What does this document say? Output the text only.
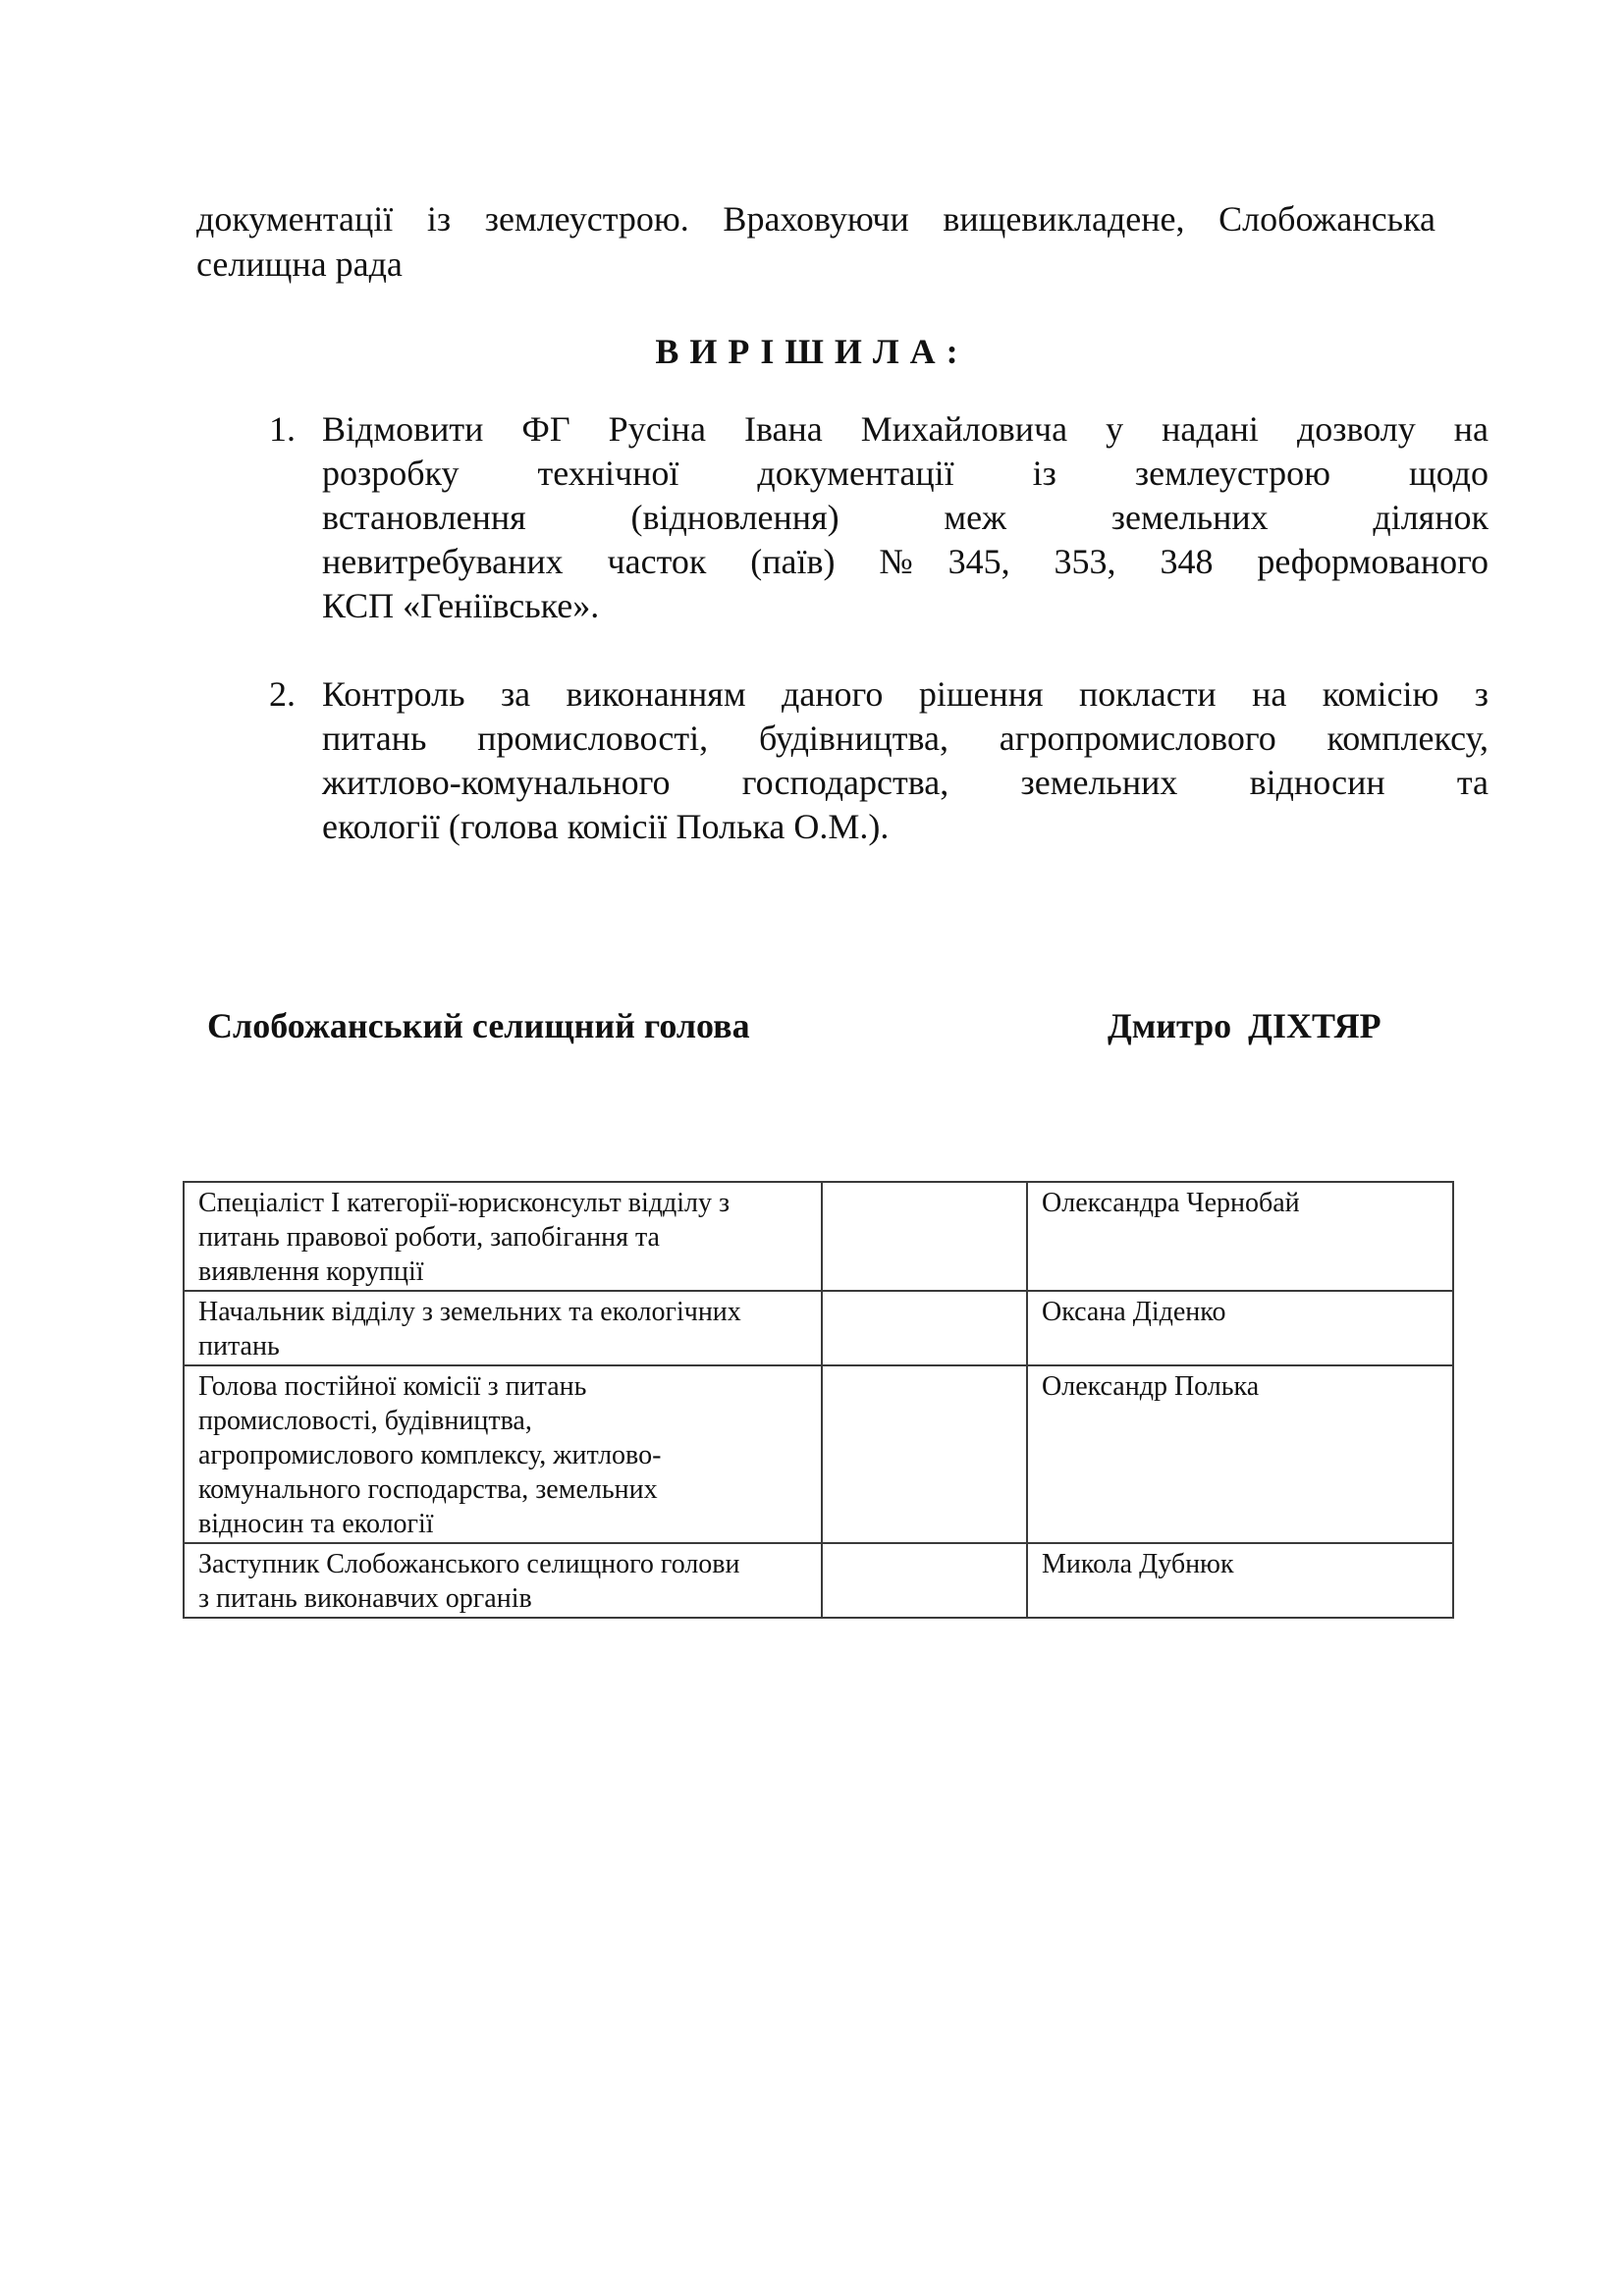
документації із землеустрою. Враховуючи вищевикладене, Слобожанська
селищна рада

ВИРІШИЛА:

1. Відмовити ФГ Русіна Івана Михайловича у надані дозволу на
розробку технічної документації із землеустрою щодо
встановлення (відновлення) меж земельних ділянок
невитребуваних часток (паїв) №345, 353, 348 реформованого
КСП «Геніївське».
2. Контроль за виконанням даного рішення покласти на комісію з
питань промисловості, будівництва, агропромислового комплексу,
житлово-комунального господарства, земельних відносин та
екології (голова комісії Полька О.М.).

Слобожанський селищний голова	Дмитро ДІХТЯР

Спеціаліст І категорії-юрисконсульт відділу з
питань правової роботи, запобігання та
виявлення корупції		Олександра Чернобай

Начальник відділу з земельних та екологічних
питань		Оксана Діденко

Голова постійної комісії з питань
промисловості, будівництва,
агропромислового комплексу, житлово-
комунального господарства, земельних
відносин та екології		Олександр Полька

Заступник Слобожанського селищного голови
з питань виконавчих органів		Микола Дубнюк
